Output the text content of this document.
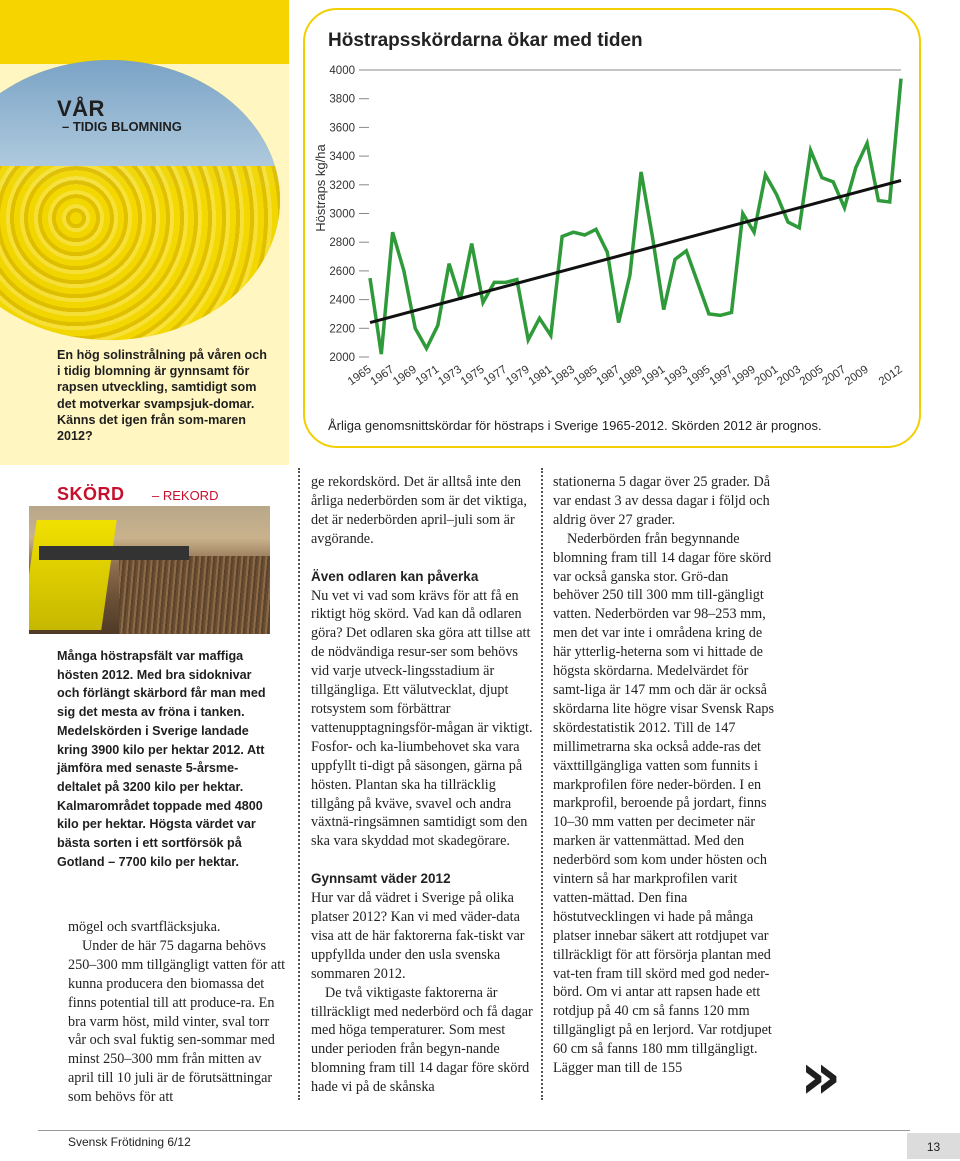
VÅR
– TIDIG BLOMNING
En hög solinstrålning på våren och i tidig blomning är gynnsamt för rapsen utveckling, samtidigt som det motverkar svampsjuk-domar. Känns det igen från som-maren 2012?
2000
2200
2400
2600
2800
3000
3200
3400
3600
3800
4000
1965
1967
1969
1971
1973
1975
1977
1979
1981
1983
1985
1987
1989
1991
1993
1995
1997
1999
2001
2003
2005
2007
2009 2012
Höstraps kg/ha
Höstrapsskördarna ökar med tiden
Årliga genomsnittskördar för höstraps i Sverige 1965-2012. Skörden 2012 är prognos.
SKÖRD – REKORD
Många höstrapsfält var maffiga hösten 2012. Med bra sidoknivar och förlängt skärbord får man med sig det mesta av fröna i tanken. Medelskörden i Sverige landade kring 3900 kilo per hektar 2012. Att jämföra med senaste 5-årsme-deltalet på 3200 kilo per hektar. Kalmarområdet toppade med 4800 kilo per hektar. Högsta värdet var bästa sorten i ett sortförsök på Gotland – 7700 kilo per hektar.

mögel och svartfläcksjuka.

Under de här 75 dagarna behövs 250–300 mm tillgängligt vatten för att kunna producera den biomassa det finns potential till att produce-ra. En bra varm höst, mild vinter, sval torr vår och sval fuktig sen-sommar med minst 250–300 mm från mitten av april till 10 juli är de förutsättningar som behövs för att

ge rekordskörd. Det är alltså inte den årliga nederbörden som är det viktiga, det är nederbörden april–juli som är avgörande.

Även odlaren kan påverka

Nu vet vi vad som krävs för att få en riktigt hög skörd. Vad kan då odlaren göra? Det odlaren ska göra att tillse att de nödvändiga resur-ser som behövs vid varje utveck-lingsstadium är tillgängliga. Ett välutvecklat, djupt rotsystem som förbättrar vattenupptagningsför-mågan är viktigt. Fosfor- och ka-liumbehovet ska vara uppfyllt ti-digt på säsongen, gärna på hösten. Plantan ska ha tillräcklig tillgång på kväve, svavel och andra växtnä-ringsämnen samtidigt som den ska vara skyddad mot skadegörare.

Gynnsamt väder 2012

Hur var då vädret i Sverige på olika platser 2012? Kan vi med väder-data visa att de här faktorerna fak-tiskt var uppfyllda under den usla svenska sommaren 2012.

De två viktigaste faktorerna är tillräckligt med nederbörd och få dagar med höga temperaturer. Som mest under perioden från begyn-nande blomning fram till 14 dagar före skörd hade vi på de skånska

stationerna 5 dagar över 25 grader. Då var endast 3 av dessa dagar i följd och aldrig över 27 grader.

Nederbörden från begynnande blomning fram till 14 dagar före skörd var också ganska stor. Grö-dan behöver 250 till 300 mm till-gängligt vatten. Nederbörden var 98–253 mm, men det var inte i områdena kring de här ytterlig-heterna som vi hittade de högsta skördarna. Medelvärdet för samt-liga är 147 mm och där är också skördarna lite högre visar Svensk Raps skördestatistik 2012. Till de 147 millimetrarna ska också adde-ras det växttillgängliga vatten som funnits i markprofilen före neder-börden. I en markprofil, beroende på jordart, finns 10–30 mm vatten per decimeter när marken är vattenmättad. Med den nederbörd som kom under hösten och vintern så har markprofilen varit vatten-mättad. Den fina höstutvecklingen vi hade på många platser innebar säkert att rotdjupet var tillräckligt för att försörja plantan med vat-ten fram till skörd med god neder-börd. Om vi antar att rapsen hade ett rotdjup på 40 cm så fanns 120 mm tillgängligt på en lerjord. Var rotdjupet 60 cm så fanns 180 mm tillgängligt. Lägger man till de 155	»
Svensk Frötidning 6/12	13
